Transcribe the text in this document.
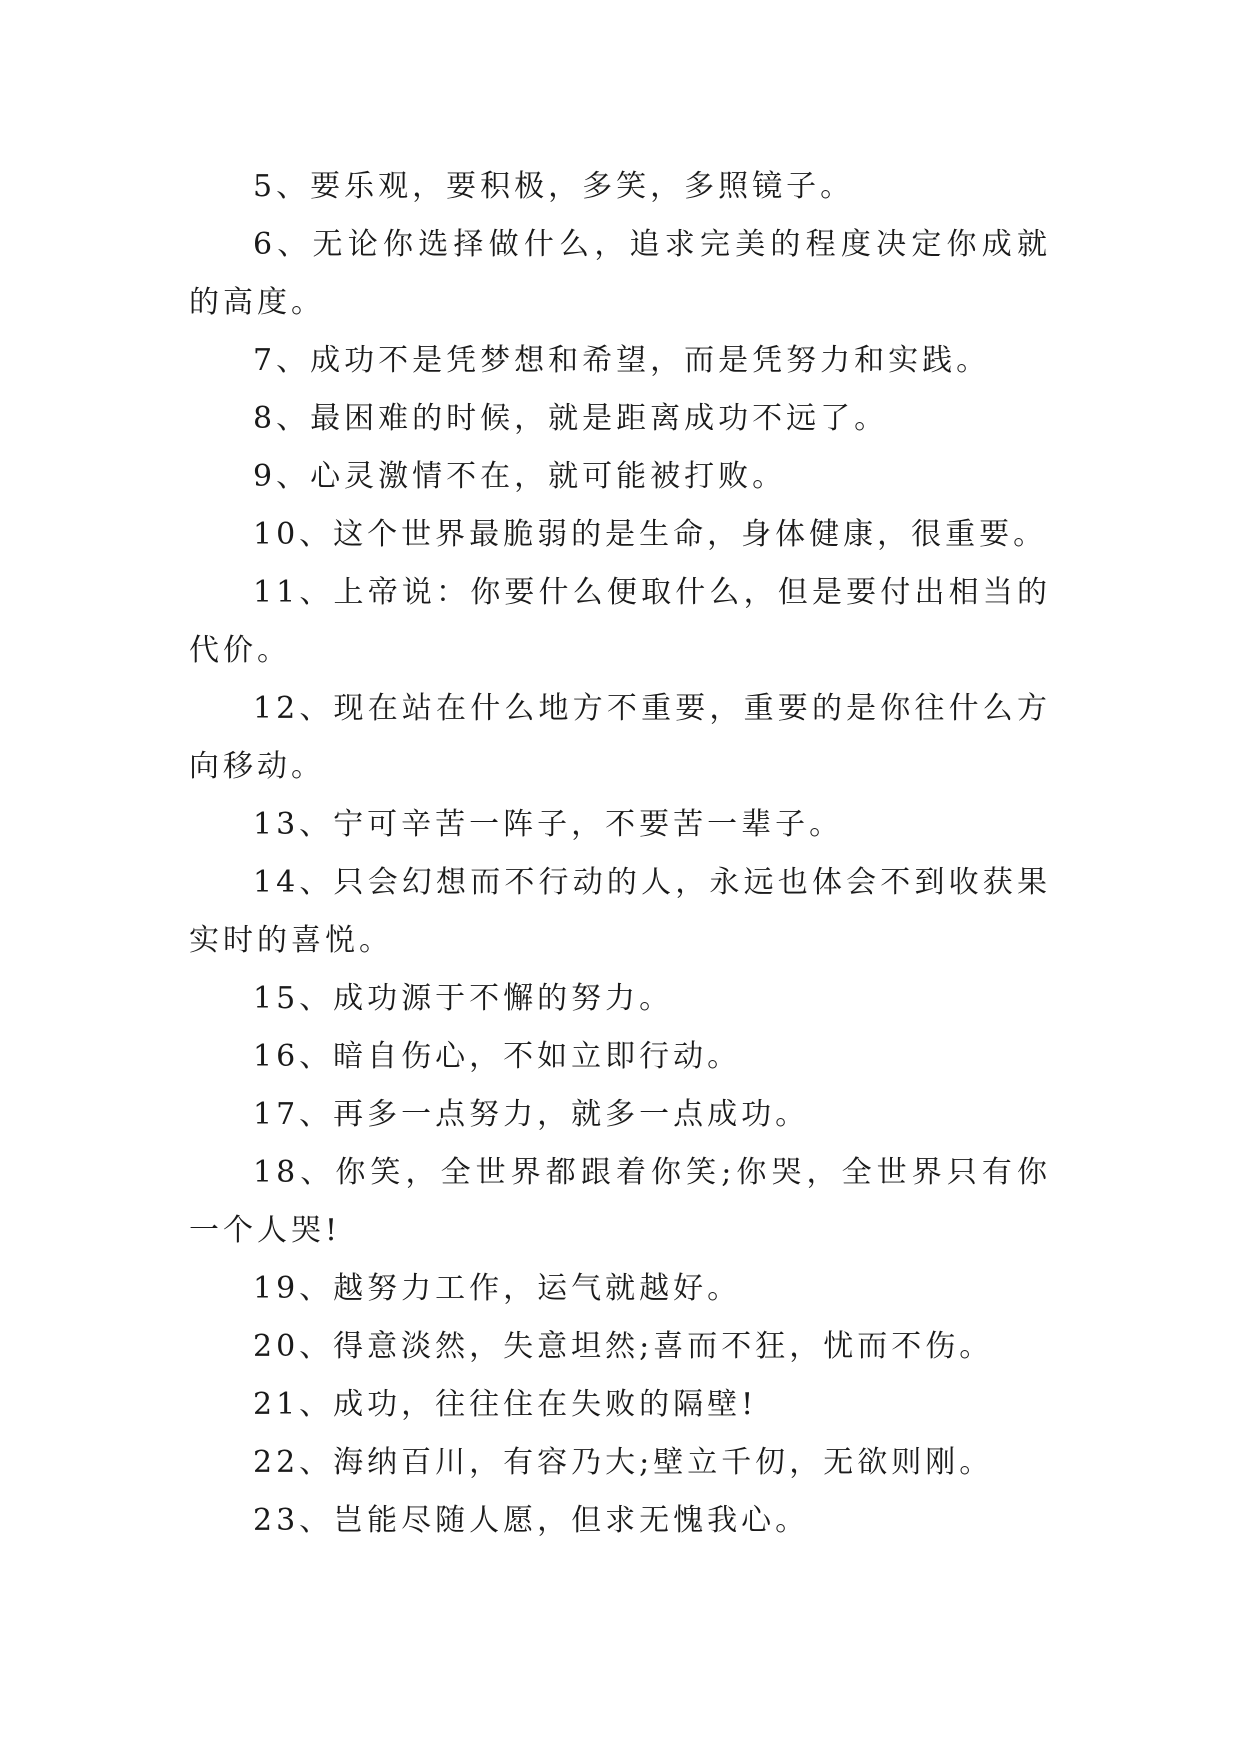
5、要乐观，要积极，多笑，多照镜子。

6、无论你选择做什么，追求完美的程度决定你成就的高度。

7、成功不是凭梦想和希望，而是凭努力和实践。

8、最困难的时候，就是距离成功不远了。

9、心灵激情不在，就可能被打败。

10、这个世界最脆弱的是生命，身体健康，很重要。

11、上帝说：你要什么便取什么，但是要付出相当的代价。

12、现在站在什么地方不重要，重要的是你往什么方向移动。

13、宁可辛苦一阵子，不要苦一辈子。

14、只会幻想而不行动的人，永远也体会不到收获果实时的喜悦。

15、成功源于不懈的努力。

16、暗自伤心，不如立即行动。

17、再多一点努力，就多一点成功。

18、你笑，全世界都跟着你笑;你哭，全世界只有你一个人哭!

19、越努力工作，运气就越好。

20、得意淡然，失意坦然;喜而不狂，忧而不伤。

21、成功，往往住在失败的隔壁!

22、海纳百川，有容乃大;壁立千仞，无欲则刚。

23、岂能尽随人愿，但求无愧我心。
